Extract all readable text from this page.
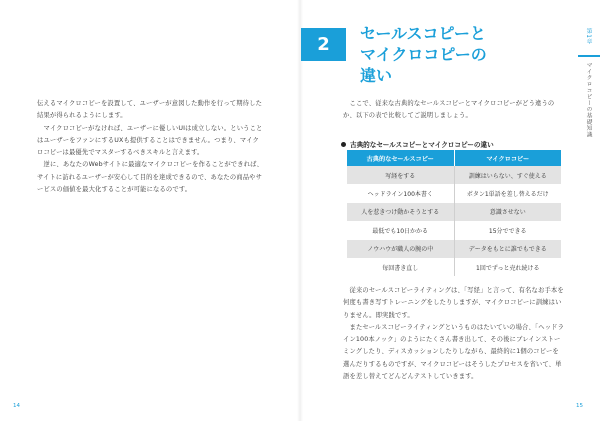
伝えるマイクロコピーを設置して、ユーザーが意図した動作を行って期待した結果が得られるようにします。

マイクロコピーがなければ、ユーザーに優しいUIは成立しない。ということはユーザーをファンにするUXも提供することはできません。つまり、マイクロコピーは最優先でマスターするべきスキルと言えます。

逆に、あなたのWebサイトに最適なマイクロコピーを作ることができれば、サイトに訪れるユーザーが安心して目的を達成できるので、あなたの商品やサービスの価値を最大化することが可能になるのです。

2
セールスコピーと
マイクロコピーの
違い
ここで、従来な古典的なセールスコピーとマイクロコピーがどう違うのか、以下の表で比較してご説明しましょう。
古典的なセールスコピーとマイクロコピーの違い
古典的なセールスコピー	マイクロコピー
写経をする	訓練はいらない、すぐ使える
ヘッドライン100本書く	ボタン1単語を差し替えるだけ
人を惹きつけ動かそうとする	意識させない
最低でも10日かかる	15分でできる
ノウハウが職人の腕の中	データをもとに誰でもできる
毎回書き直し	1回でずっと売れ続ける

従来のセールスコピーライティングは、「写経」と言って、有名なお手本を何度も書き写すトレーニングをしたりしますが、マイクロコピーに訓練はいりません。即実践です。

またセールスコピーライティングというものはたいていの場合、「ヘッドライン100本ノック」のようにたくさん書き出して、その後にブレインストーミングしたり、ディスカッションしたりしながら、最終的に1個のコピーを選んだりするものですが、マイクロコピーはそうしたプロセスを省いて、単語を差し替えてどんどんテストしていきます。

第1章
マイクロコピーの基礎知識
14	15
